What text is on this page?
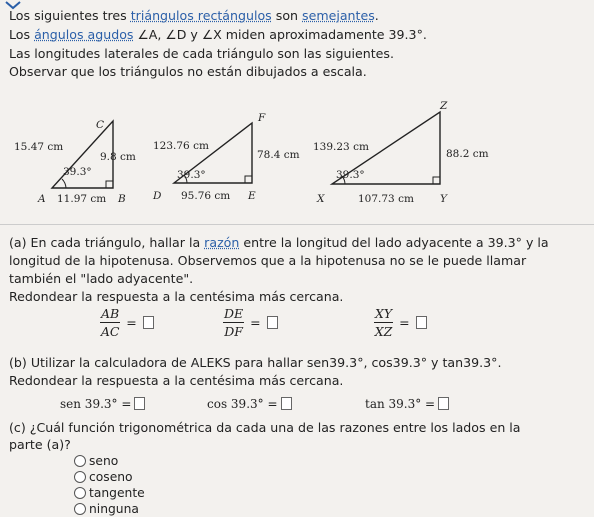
Los siguientes tres triángulos rectángulos son semejantes.
Los ángulos agudos ∠A, ∠D y ∠X miden aproximadamente 39.3°.
Las longitudes laterales de cada triángulo son las siguientes.
Observar que los triángulos no están dibujados a escala.
15.47 cm
9.8 cm
39.3°
11.97 cm
A	B
C
123.76 cm
78.4 cm
39.3°
95.76 cm
D	E
F
139.23 cm
88.2 cm
39.3°
107.73 cm
X	Y
Z
(a) En cada triángulo, hallar la razón entre la longitud del lado adyacente a 39.3° y la
longitud de la hipotenusa. Observemos que a la hipotenusa no se le puede llamar
también el "lado adyacente".
Redondear la respuesta a la centésima más cercana.
$\frac{AB}{AC}$ =	$\frac{DE}{DF}$ =	$\frac{XY}{XZ}$ =
(b) Utilizar la calculadora de ALEKS para hallar sen39.3°, cos39.3° y tan39.3°.
Redondear la respuesta a la centésima más cercana.
sen 39.3° =	cos 39.3° =	tan 39.3° =
(c) ¿Cuál función trigonométrica da cada una de las razones entre los lados en la
parte (a)?
seno
coseno
tangente
ninguna
